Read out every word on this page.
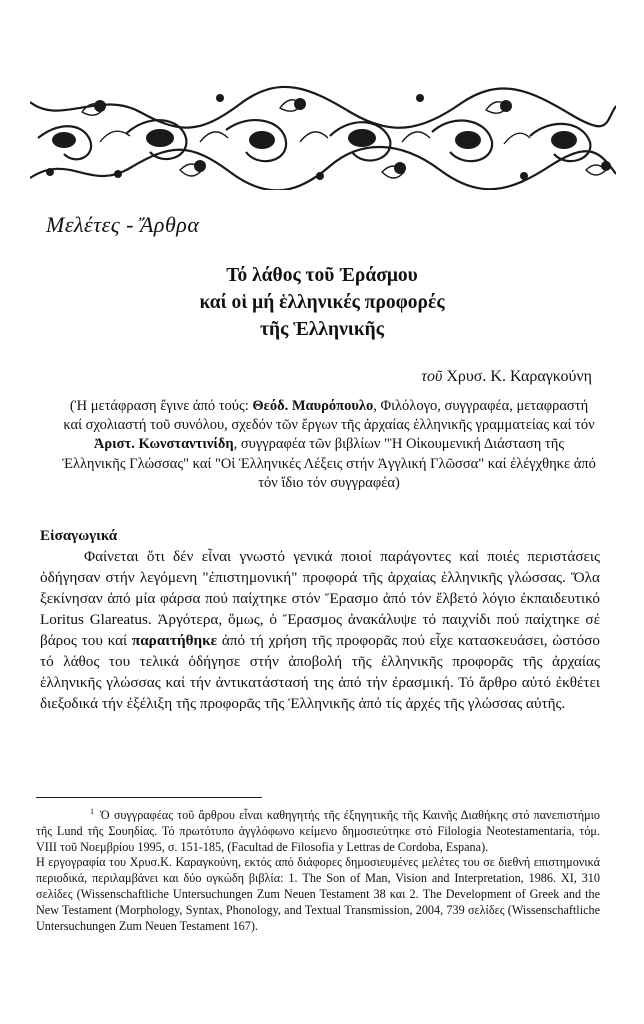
Μελέτες - Ἄρθρα
Τό λάθος τοῦ Ἐράσμου
καί οἱ μή ἑλληνικές προφορές
τῆς Ἑλληνικῆς
τοῦ Χρυσ. Κ. Καραγκούνη
(Ἡ μετάφραση ἔγινε ἀπό τούς: Θεόδ. Μαυρόπουλο, Φιλόλογο, συγγραφέα, μεταφραστή καί σχολιαστή τοῦ συνόλου, σχεδόν τῶν ἔργων τῆς ἀρχαίας ἑλληνικῆς γραμματείας καί τόν Ἀριστ. Κωνσταντινίδη, συγγραφέα τῶν βιβλίων "Ἡ Οἰκουμενική Διάσταση τῆς Ἑλληνικῆς Γλώσσας" καί "Οἱ Ἑλληνικές Λέξεις στήν Ἀγγλική Γλῶσσα" καί ἐλέγχθηκε ἀπό τόν ἴδιο τόν συγγραφέα)
Εἰσαγωγικά

Φαίνεται ὅτι δέν εἶναι γνωστό γενικά ποιοί παράγοντες καί ποιές περιστάσεις ὁδήγησαν στήν λεγόμενη "ἐπιστημονική" προφορά τῆς ἀρχαίας ἑλληνικῆς γλώσσας. Ὅλα ξεκίνησαν ἀπό μία φάρσα πού παίχτηκε στόν Ἔρασμο ἀπό τόν ἔλβετό λόγιο ἐκπαιδευτικό Loritus Glareatus. Ἀργότερα, ὅμως, ὁ Ἔρασμος ἀνακάλυψε τό παιχνίδι πού παίχτηκε σέ βάρος του καί παραιτήθηκε ἀπό τή χρήση τῆς προφορᾶς πού εἶχε κατασκευάσει, ὡστόσο τό λάθος του τελικά ὁδήγησε στήν ἀποβολή τῆς ἑλληνικῆς προφορᾶς τῆς ἀρχαίας ἑλληνικῆς γλώσσας καί τήν ἀντικατάστασή της ἀπό τήν ἐρασμική. Τό ἄρθρο αὐτό ἐκθέτει διεξοδικά τήν ἐξέλιξη τῆς προφορᾶς τῆς Ἑλληνικῆς ἀπό τίς ἀρχές τῆς γλώσσας αὐτῆς.

$^1$ Ὁ συγγραφέας τοῦ ἄρθρου εἶναι καθηγητής τῆς ἐξηγητικῆς τῆς Καινῆς Διαθήκης στό πανεπιστήμιο τῆς Lund τῆς Σουηδίας. Τό πρωτότυπο ἀγγλόφωνο κείμενο δημοσιεύτηκε στό Filologia Neotestamentaria, τόμ. VIII τοῦ Νοεμβρίου 1995, σ. 151-185, (Facultad de Filosofia y Lettras de Cordoba, Espana).

Η εργογραφία του Χρυσ.Κ. Καραγκούνη, εκτός από διάφορες δημοσιευμένες μελέτες του σε διεθνή επιστημονικά περιοδικά, περιλαμβάνει και δύο ογκώδη βιβλία: 1. The Son of Man, Vision and Interpretation, 1986. XI, 310 σελίδες (Wissenschaftliche Untersuchungen Zum Neuen Testament 38 και 2. The Development of Greek and the New Testament (Morphology, Syntax, Phonology, and Textual Transmission, 2004, 739 σελίδες (Wissenschaftliche Untersuchungen Zum Neuen Testament 167).
